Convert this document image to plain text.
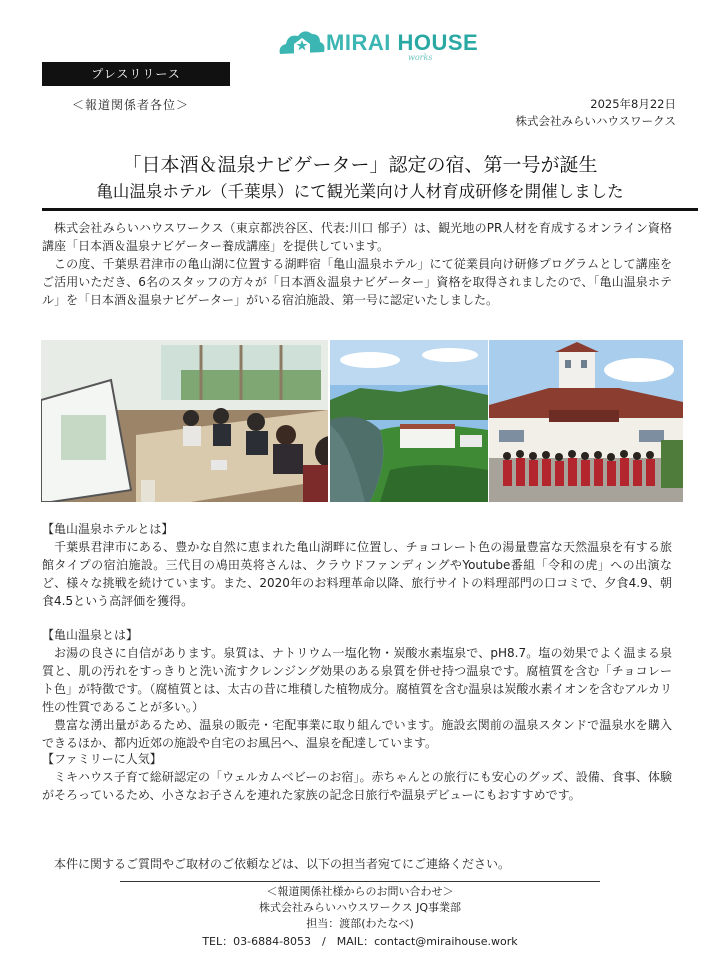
MIRAI HOUSE
works
プレスリリース
＜報道関係者各位＞	2025年8月22日
株式会社みらいハウスワークス
「日本酒＆温泉ナビゲーター」認定の宿、第一号が誕生
亀山温泉ホテル（千葉県）にて観光業向け人材育成研修を開催しました

株式会社みらいハウスワークス（東京都渋谷区、代表:川口 郁子）は、観光地のPR人材を育成するオンライン資格講座「日本酒＆温泉ナビゲーター養成講座」を提供しています。

この度、千葉県君津市の亀山湖に位置する湖畔宿「亀山温泉ホテル」にて従業員向け研修プログラムとして講座をご活用いただき、6名のスタッフの方々が「日本酒＆温泉ナビゲーター」資格を取得されましたので、「亀山温泉ホテル」を「日本酒＆温泉ナビゲーター」がいる宿泊施設、第一号に認定いたしました。

【亀山温泉ホテルとは】

千葉県君津市にある、豊かな自然に恵まれた亀山湖畔に位置し、チョコレート色の湯量豊富な天然温泉を有する旅館タイプの宿泊施設。三代目の鳰田英将さんは、クラウドファンディングやYoutube番組「令和の虎」への出演など、様々な挑戦を続けています。また、2020年のお料理革命以降、旅行サイトの料理部門の口コミで、夕食4.9、朝食4.5という高評価を獲得。

【亀山温泉とは】

お湯の良さに自信があります。泉質は、ナトリウム一塩化物・炭酸水素塩泉で、pH8.7。塩の効果でよく温まる泉質と、肌の汚れをすっきりと洗い流すクレンジング効果のある泉質を併せ持つ温泉です。腐植質を含む「チョコレート色」が特徴です。（腐植質とは、太古の昔に堆積した植物成分。腐植質を含む温泉は炭酸水素イオンを含むアルカリ性の性質であることが多い。）

豊富な湧出量があるため、温泉の販売・宅配事業に取り組んでいます。施設玄関前の温泉スタンドで温泉水を購入できるほか、都内近郊の施設や自宅のお風呂へ、温泉を配達しています。

【ファミリーに人気】

ミキハウス子育て総研認定の「ウェルカムベビーのお宿」。赤ちゃんとの旅行にも安心のグッズ、設備、食事、体験がそろっているため、小さなお子さんを連れた家族の記念日旅行や温泉デビューにもおすすめです。

本件に関するご質問やご取材のご依頼などは、以下の担当者宛てにご連絡ください。

＜報道関係社様からのお問い合わせ＞
株式会社みらいハウスワークス JQ事業部
担当：渡部(わたなべ)
TEL：03-6884-8053　/　MAIL：contact@miraihouse.work
